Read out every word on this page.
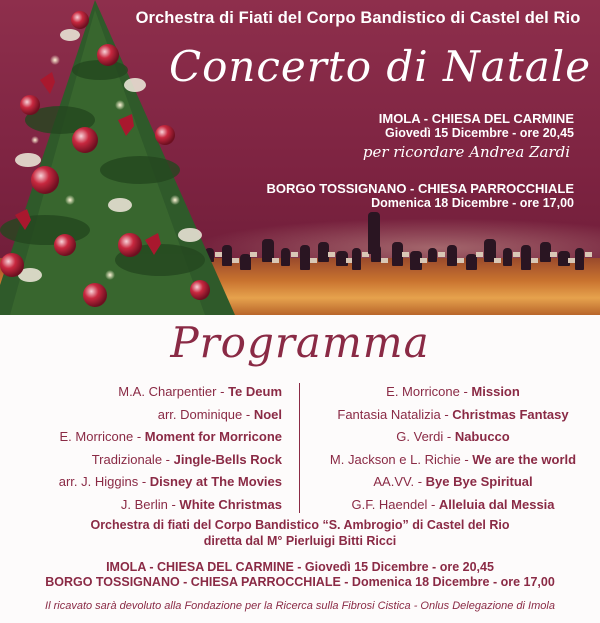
Orchestra di Fiati del Corpo Bandistico di Castel del Rio
Concerto di Natale
IMOLA - CHIESA DEL CARMINE
Giovedì 15 Dicembre - ore 20,45
per ricordare Andrea Zardi
BORGO TOSSIGNANO - CHIESA PARROCCHIALE
Domenica 18 Dicembre - ore 17,00
Programma
M.A. Charpentier - Te Deum
arr. Dominique - Noel
E. Morricone - Moment for Morricone
Tradizionale - Jingle-Bells Rock
arr. J. Higgins - Disney at The Movies
J. Berlin - White Christmas
E. Morricone - Mission
Fantasia Natalizia - Christmas Fantasy
G. Verdi - Nabucco
M. Jackson e L. Richie - We are the world
AA.VV. - Bye Bye Spiritual
G.F. Haendel - Alleluia dal Messia
Orchestra di fiati del Corpo Bandistico “S. Ambrogio” di Castel del Rio
diretta dal M° Pierluigi Bitti Ricci
IMOLA - CHIESA DEL CARMINE - Giovedì 15 Dicembre - ore 20,45
BORGO TOSSIGNANO - CHIESA PARROCCHIALE - Domenica 18 Dicembre - ore 17,00
Il ricavato sarà devoluto alla Fondazione per la Ricerca sulla Fibrosi Cistica - Onlus Delegazione di Imola
